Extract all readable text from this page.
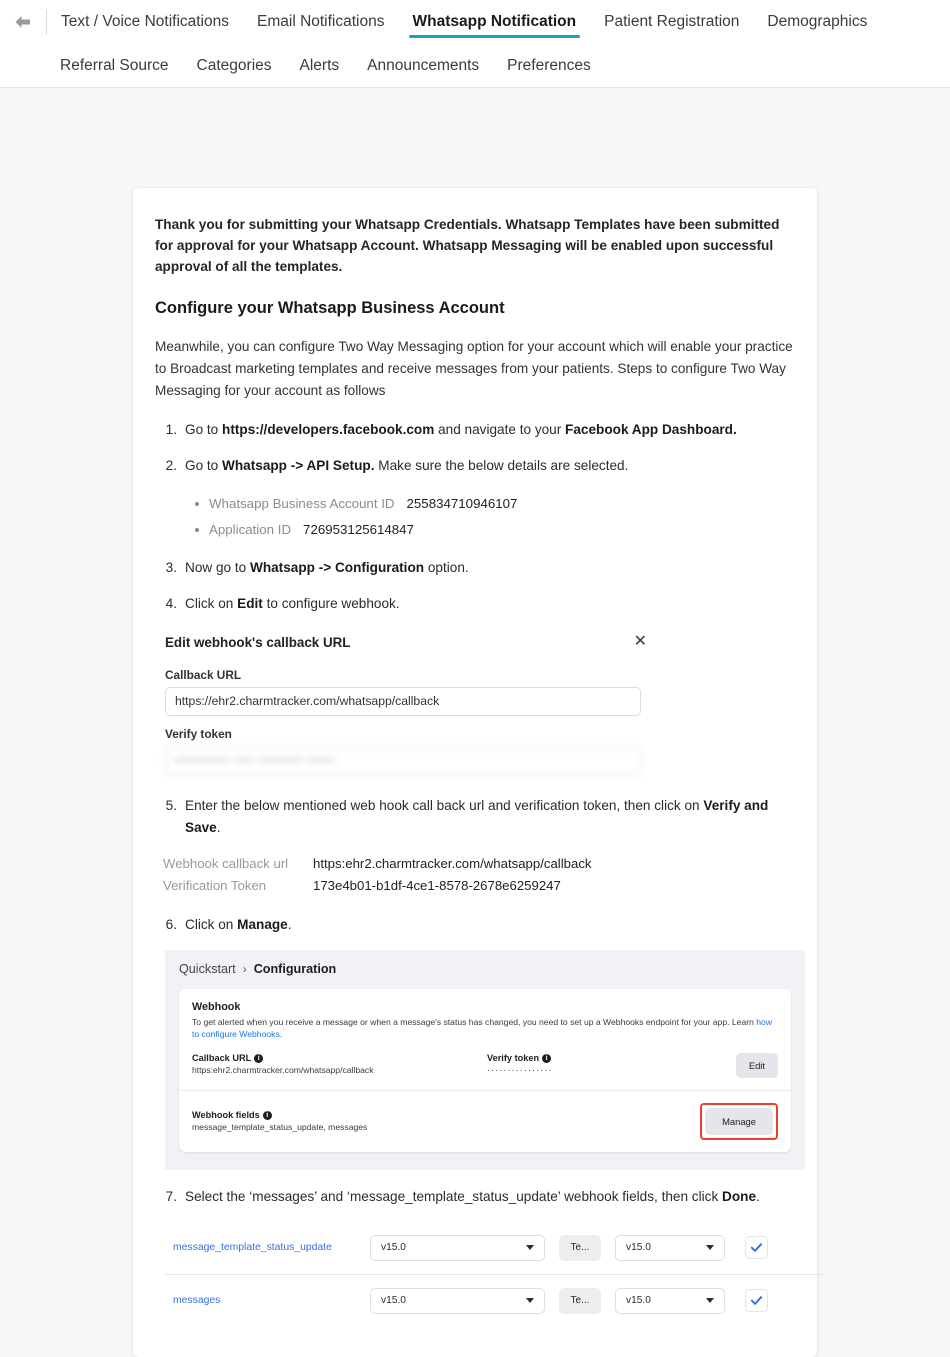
Text / Voice Notifications	Email Notifications	Whatsapp Notification	Patient Registration	Demographics
Referral Source	Categories	Alerts	Announcements	Preferences
Thank you for submitting your Whatsapp Credentials. Whatsapp Templates have been submitted for approval for your Whatsapp Account. Whatsapp Messaging will be enabled upon successful approval of all the templates.
Configure your Whatsapp Business Account
Meanwhile, you can configure Two Way Messaging option for your account which will enable your practice to Broadcast marketing templates and receive messages from your patients. Steps to configure Two Way Messaging for your account as follows
1. Go to https://developers.facebook.com and navigate to your Facebook App Dashboard.
2. Go to Whatsapp -> API Setup. Make sure the below details are selected.
Whatsapp Business Account ID 255834710946107
Application ID 726953125614847
3. Now go to Whatsapp -> Configuration option.
4. Click on Edit to configure webhook.
Edit webhook's callback URL	✕
Callback URL
https://ehr2.charmtracker.com/whatsapp/callback
Verify token
•••••••••••• •••• •••••••••• ••••••
5. Enter the below mentioned web hook call back url and verification token, then click on Verify and Save.
Webhook callback url	https:ehr2.charmtracker.com/whatsapp/callback
Verification Token	173e4b01-b1df-4ce1-8578-2678e6259247
6. Click on Manage.
Quickstart › Configuration
Webhook
To get alerted when you receive a message or when a message's status has changed, you need to set up a Webhooks endpoint for your app. Learn how to configure Webhooks.
Callback URL i
https:ehr2.charmtracker.com/whatsapp/callback
Verify token i
················	Edit
Webhook fields i
message_template_status_update, messages
Manage
7. Select the ‘messages’ and ‘message_template_status_update’ webhook fields, then click Done.
message_template_status_update	v15.0	Te...	v15.0
messages	v15.0	Te...	v15.0
